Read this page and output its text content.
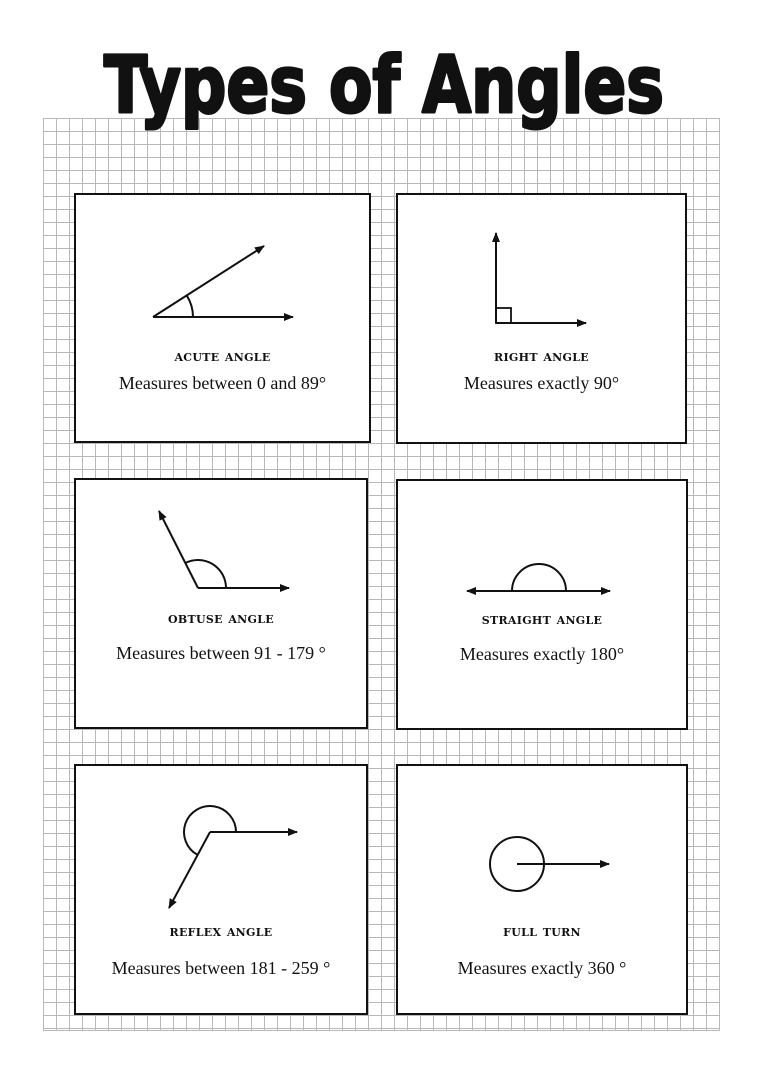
Types of Angles
acute angle
Measures between 0 and 89°
right angle
Measures exactly 90°
obtuse angle
Measures between 91 - 179 °
straight angle
Measures exactly 180°
reflex angle
Measures between 181 - 259 °
full turn
Measures exactly 360 °
